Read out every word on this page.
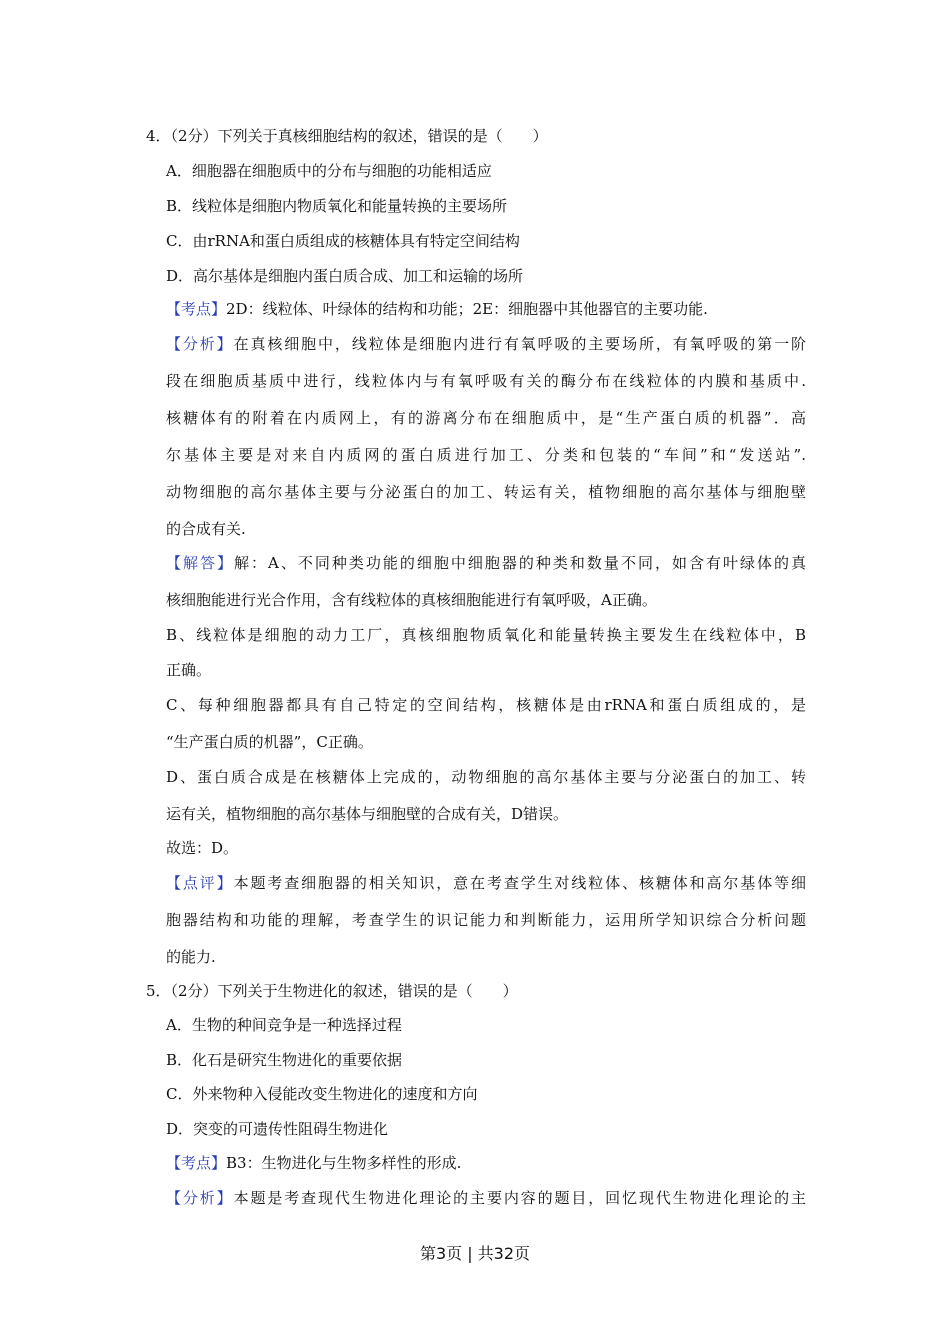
4．（2分）下列关于真核细胞结构的叙述，错误的是（　　）
A．细胞器在细胞质中的分布与细胞的功能相适应
B．线粒体是细胞内物质氧化和能量转换的主要场所
C．由rRNA和蛋白质组成的核糖体具有特定空间结构
D．高尔基体是细胞内蛋白质合成、加工和运输的场所
【考点】2D：线粒体、叶绿体的结构和功能；2E：细胞器中其他器官的主要功能.
【分析】在真核细胞中，线粒体是细胞内进行有氧呼吸的主要场所，有氧呼吸的第一阶
段在细胞质基质中进行，线粒体内与有氧呼吸有关的酶分布在线粒体的内膜和基质中.
核糖体有的附着在内质网上，有的游离分布在细胞质中，是“生产蛋白质的机器”．高
尔基体主要是对来自内质网的蛋白质进行加工、分类和包装的“车间”和“发送站”.
动物细胞的高尔基体主要与分泌蛋白的加工、转运有关，植物细胞的高尔基体与细胞壁
的合成有关.
【解答】解：A、不同种类功能的细胞中细胞器的种类和数量不同，如含有叶绿体的真
核细胞能进行光合作用，含有线粒体的真核细胞能进行有氧呼吸，A正确。
B、线粒体是细胞的动力工厂，真核细胞物质氧化和能量转换主要发生在线粒体中，B
正确。
C、每种细胞器都具有自己特定的空间结构，核糖体是由rRNA和蛋白质组成的，是
“生产蛋白质的机器”，C正确。
D、蛋白质合成是在核糖体上完成的，动物细胞的高尔基体主要与分泌蛋白的加工、转
运有关，植物细胞的高尔基体与细胞壁的合成有关，D错误。
故选：D。
【点评】本题考查细胞器的相关知识，意在考查学生对线粒体、核糖体和高尔基体等细
胞器结构和功能的理解，考查学生的识记能力和判断能力，运用所学知识综合分析问题
的能力.
5．（2分）下列关于生物进化的叙述，错误的是（　　）
A．生物的种间竞争是一种选择过程
B．化石是研究生物进化的重要依据
C．外来物种入侵能改变生物进化的速度和方向
D．突变的可遗传性阻碍生物进化
【考点】B3：生物进化与生物多样性的形成.
【分析】本题是考查现代生物进化理论的主要内容的题目，回忆现代生物进化理论的主
第3页 | 共32页
